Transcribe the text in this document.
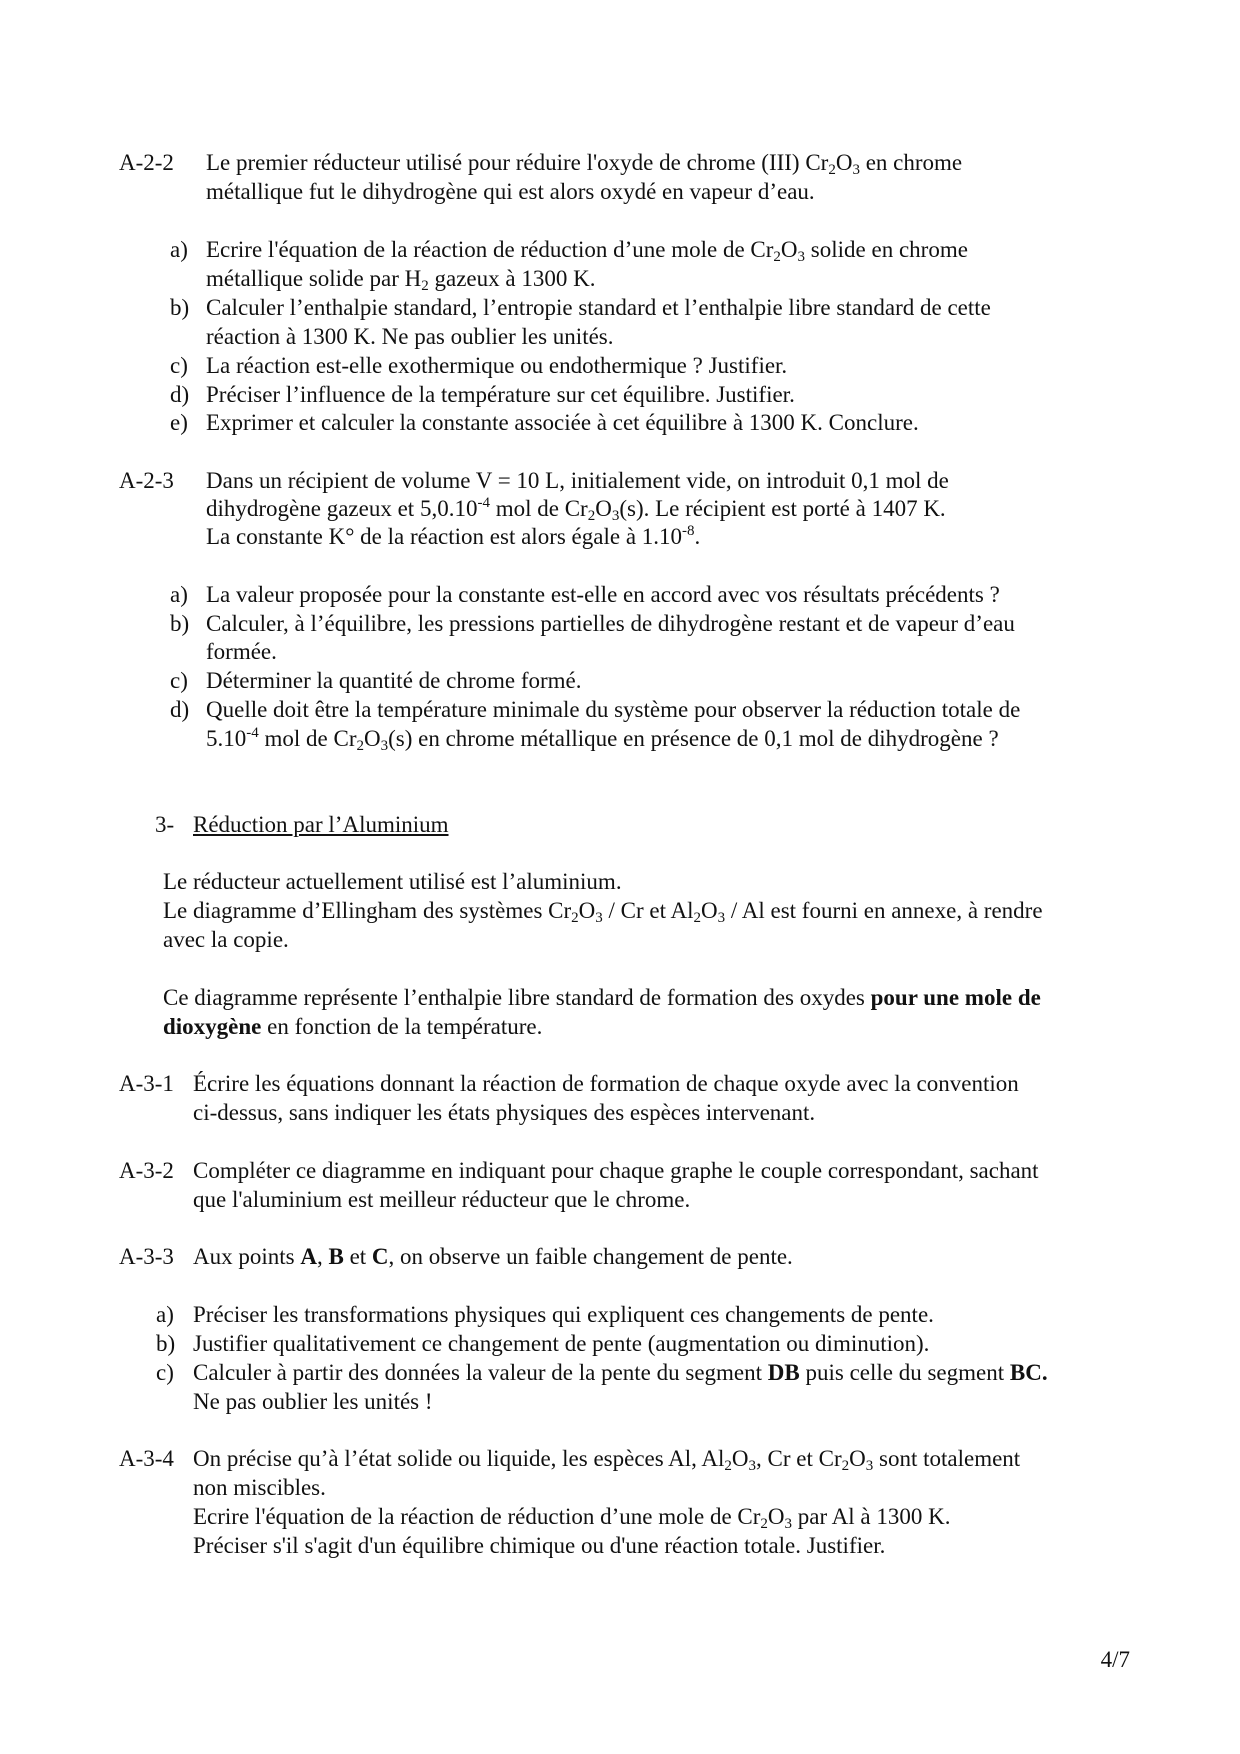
A-2-2 Le premier réducteur utilisé pour réduire l'oxyde de chrome (III) $Cr_2O_3$ en chrome
métallique fut le dihydrogène qui est alors oxydé en vapeur d’eau.
a) Ecrire l'équation de la réaction de réduction d’une mole de $Cr_2O_3$ solide en chrome
métallique solide par $H_2$ gazeux à 1300 K.
b) Calculer l’enthalpie standard, l’entropie standard et l’enthalpie libre standard de cette
réaction à 1300 K. Ne pas oublier les unités.
c) La réaction est-elle exothermique ou endothermique ? Justifier.
d) Préciser l’influence de la température sur cet équilibre. Justifier.
e) Exprimer et calculer la constante associée à cet équilibre à 1300 K. Conclure.
A-2-3 Dans un récipient de volume V = 10 L, initialement vide, on introduit 0,1 mol de
dihydrogène gazeux et $5,0.10^{-4}$ mol de $Cr_2O_3(s)$. Le récipient est porté à 1407 K.
La constante K° de la réaction est alors égale à $1.10^{-8}$.
a) La valeur proposée pour la constante est-elle en accord avec vos résultats précédents ?
b) Calculer, à l’équilibre, les pressions partielles de dihydrogène restant et de vapeur d’eau
formée.
c) Déterminer la quantité de chrome formé.
d) Quelle doit être la température minimale du système pour observer la réduction totale de
$5.10^{-4}$ mol de $Cr_2O_3(s)$ en chrome métallique en présence de 0,1 mol de dihydrogène ?
3- Réduction par l’Aluminium
Le réducteur actuellement utilisé est l’aluminium.
Le diagramme d’Ellingham des systèmes $Cr_2O_3$ / Cr et $Al_2O_3$ / Al est fourni en annexe, à rendre
avec la copie.
Ce diagramme représente l’enthalpie libre standard de formation des oxydes pour une mole de
dioxygène en fonction de la température.
A-3-1 Écrire les équations donnant la réaction de formation de chaque oxyde avec la convention
ci-dessus, sans indiquer les états physiques des espèces intervenant.
A-3-2 Compléter ce diagramme en indiquant pour chaque graphe le couple correspondant, sachant
que l'aluminium est meilleur réducteur que le chrome.
A-3-3 Aux points A, B et C, on observe un faible changement de pente.
a) Préciser les transformations physiques qui expliquent ces changements de pente.
b) Justifier qualitativement ce changement de pente (augmentation ou diminution).
c) Calculer à partir des données la valeur de la pente du segment DB puis celle du segment BC.
Ne pas oublier les unités !
A-3-4 On précise qu’à l’état solide ou liquide, les espèces Al, $Al_2O_3$, Cr et $Cr_2O_3$ sont totalement
non miscibles.
Ecrire l'équation de la réaction de réduction d’une mole de $Cr_2O_3$ par Al à 1300 K.
Préciser s'il s'agit d'un équilibre chimique ou d'une réaction totale. Justifier.
4/7
